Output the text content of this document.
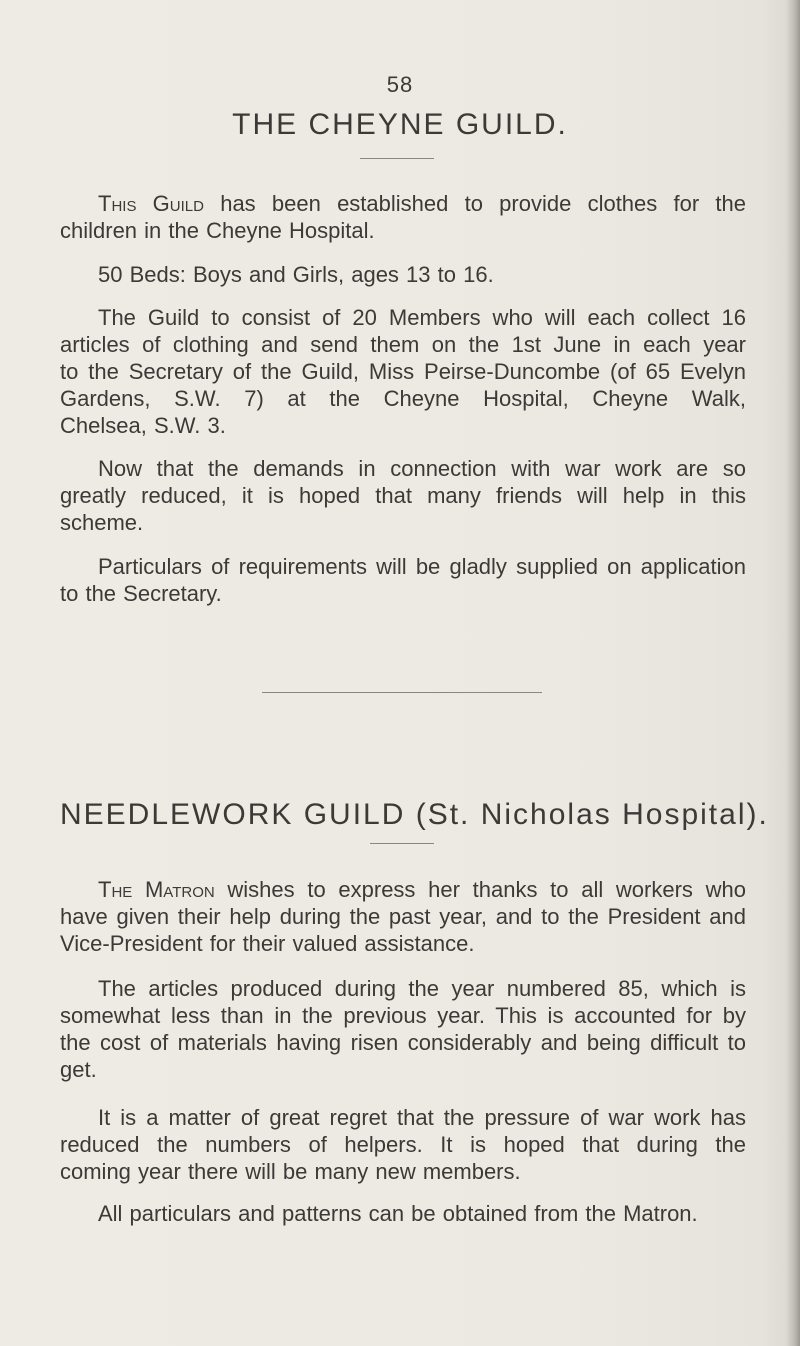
58
THE CHEYNE GUILD.
This Guild has been established to provide clothes for the
children in the Cheyne Hospital.
50 Beds: Boys and Girls, ages 13 to 16.
The Guild to consist of 20 Members who will each collect 16
articles of clothing and send them on the 1st June in each year
to the Secretary of the Guild, Miss Peirse-Duncombe (of 65 Evelyn
Gardens, S.W. 7) at the Cheyne Hospital, Cheyne Walk,
Chelsea, S.W. 3.
Now that the demands in connection with war work are so
greatly reduced, it is hoped that many friends will help in this
scheme.
Particulars of requirements will be gladly supplied on application
to the Secretary.
NEEDLEWORK GUILD (St. Nicholas Hospital).
The Matron wishes to express her thanks to all workers who
have given their help during the past year, and to the President and
Vice-President for their valued assistance.
The articles produced during the year numbered 85, which is
somewhat less than in the previous year. This is accounted for by
the cost of materials having risen considerably and being difficult to
get.
It is a matter of great regret that the pressure of war work has
reduced the numbers of helpers. It is hoped that during the
coming year there will be many new members.
All particulars and patterns can be obtained from the Matron.
